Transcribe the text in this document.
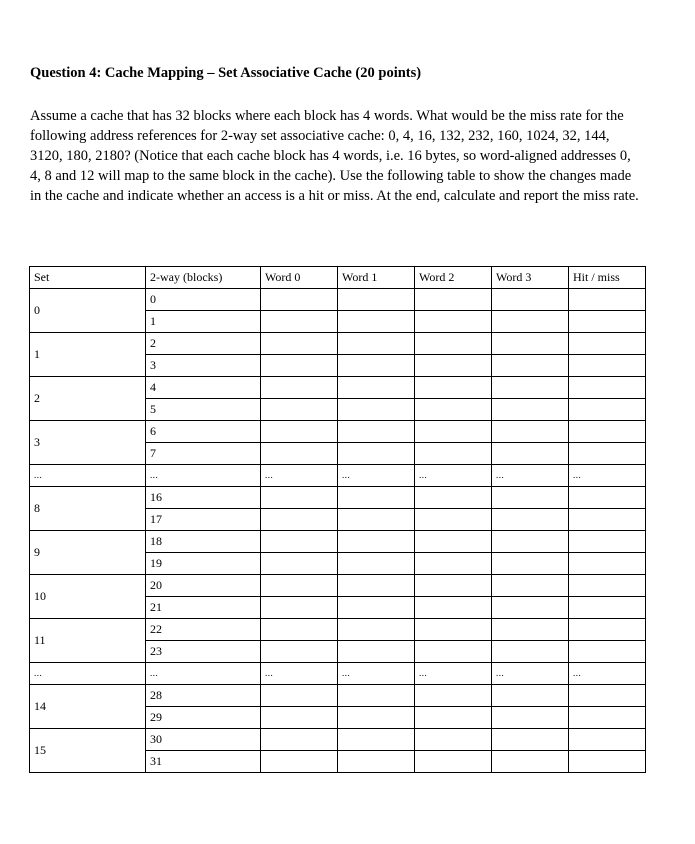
Question 4: Cache Mapping – Set Associative Cache (20 points)

Assume a cache that has 32 blocks where each block has 4 words. What would be the miss rate for the following address references for 2-way set associative cache: 0, 4, 16, 132, 232, 160, 1024, 32, 144, 3120, 180, 2180? (Notice that each cache block has 4 words, i.e. 16 bytes, so word-aligned addresses 0, 4, 8 and 12 will map to the same block in the cache). Use the following table to show the changes made in the cache and indicate whether an access is a hit or miss. At the end, calculate and report the miss rate.

Set	2-way (blocks)	Word 0	Word 1	Word 2	Word 3	Hit / miss
0	0					
	1					
1	2					
	3					
2	4					
	5					
3	6					
	7					
...	...	...	...	...	...	...
8	16					
	17					
9	18					
	19					
10	20					
	21					
11	22					
	23					
...	...	...	...	...	...	...
14	28					
	29					
15	30					
	31					
